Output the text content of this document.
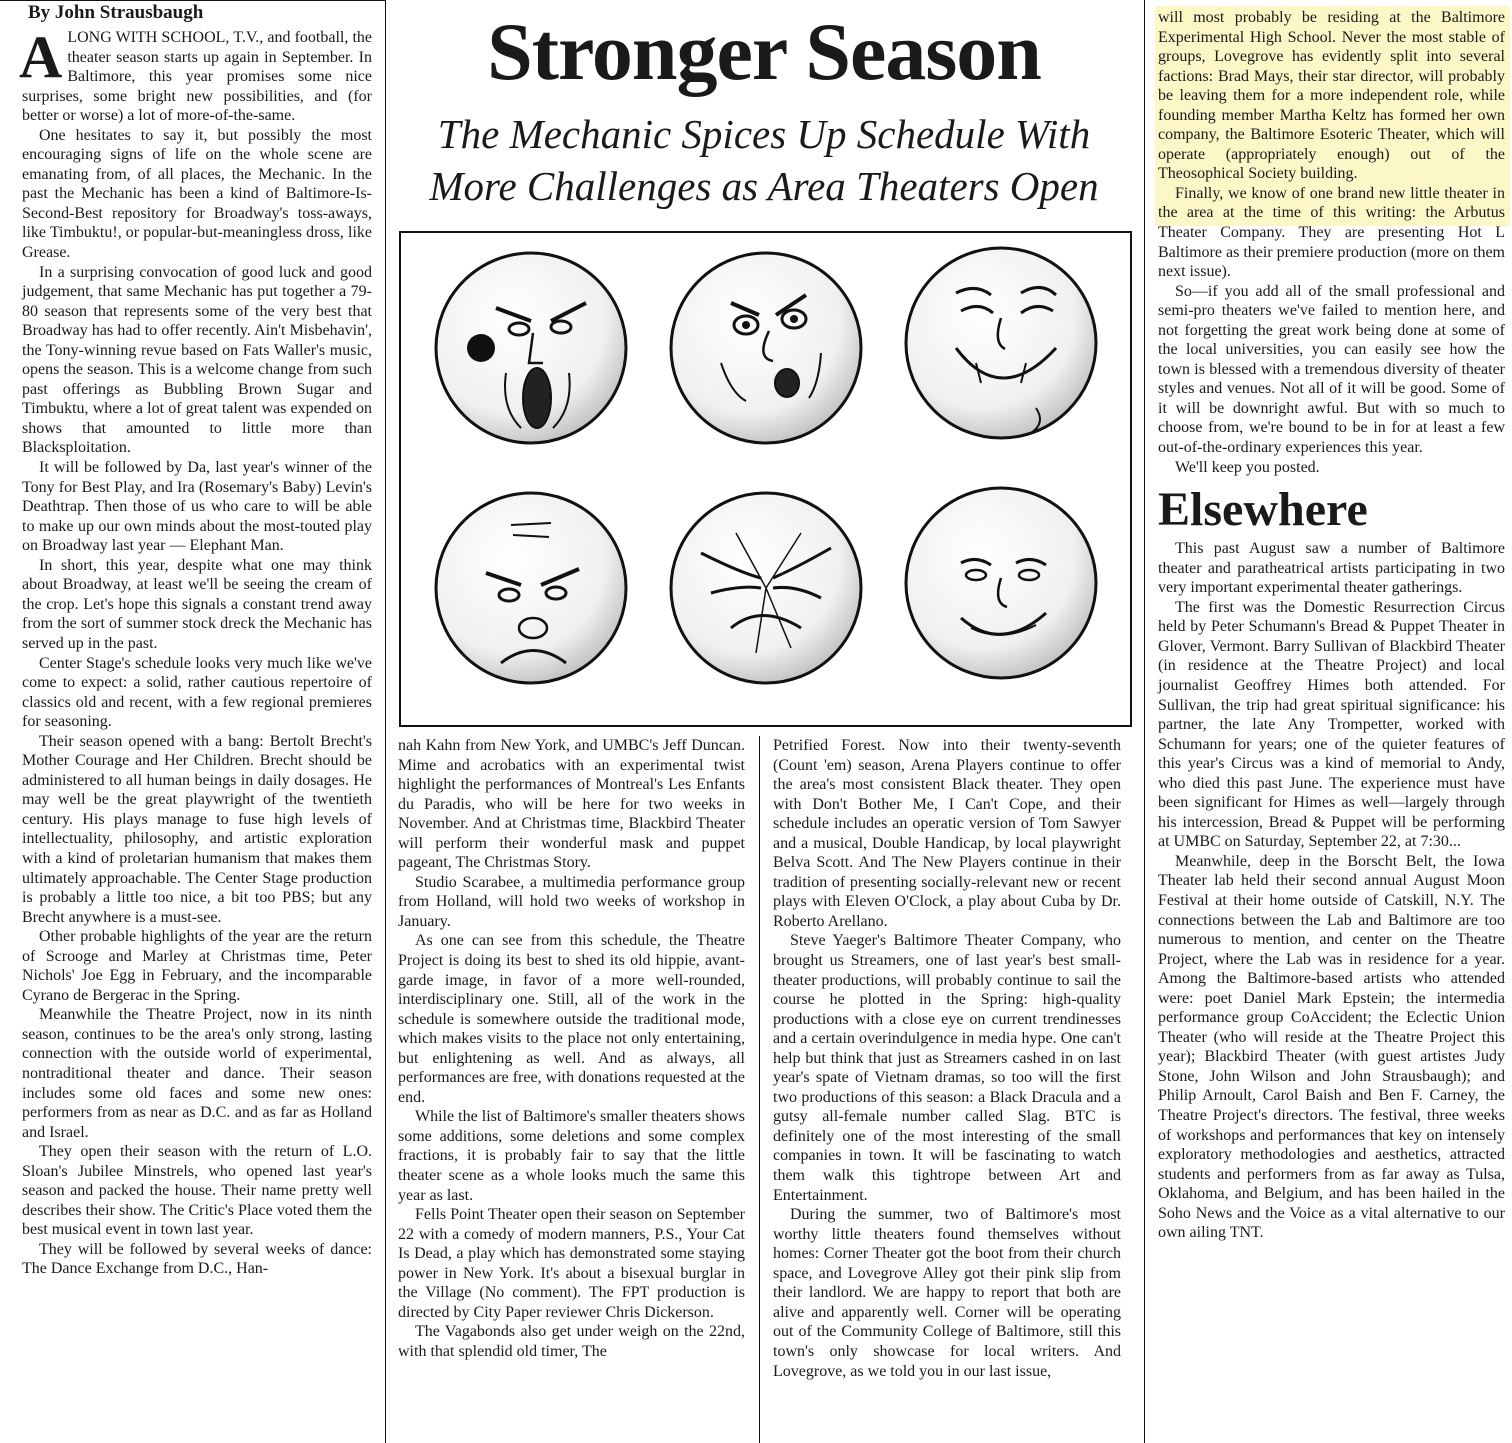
By John Strausbaugh

ALONG WITH SCHOOL, T.V., and football, the theater season starts up again in September. In Baltimore, this year promises some nice surprises, some bright new possibilities, and (for better or worse) a lot of more-of-the-same.

One hesitates to say it, but possibly the most encouraging signs of life on the whole scene are emanating from, of all places, the Mechanic. In the past the Mechanic has been a kind of Baltimore-Is-Second-Best repository for Broadway's toss-aways, like Timbuktu!, or popular-but-meaningless dross, like Grease.

In a surprising convocation of good luck and good judgement, that same Mechanic has put together a 79-80 season that represents some of the very best that Broadway has had to offer recently. Ain't Misbehavin', the Tony-winning revue based on Fats Waller's music, opens the season. This is a welcome change from such past offerings as Bubbling Brown Sugar and Timbuktu, where a lot of great talent was expended on shows that amounted to little more than Blacksploitation.

It will be followed by Da, last year's winner of the Tony for Best Play, and Ira (Rosemary's Baby) Levin's Deathtrap. Then those of us who care to will be able to make up our own minds about the most-touted play on Broadway last year — Elephant Man.

In short, this year, despite what one may think about Broadway, at least we'll be seeing the cream of the crop. Let's hope this signals a constant trend away from the sort of summer stock dreck the Mechanic has served up in the past.

Center Stage's schedule looks very much like we've come to expect: a solid, rather cautious repertoire of classics old and recent, with a few regional premieres for seasoning.

Their season opened with a bang: Bertolt Brecht's Mother Courage and Her Children. Brecht should be administered to all human beings in daily dosages. He may well be the great playwright of the twentieth century. His plays manage to fuse high levels of intellectuality, philosophy, and artistic exploration with a kind of proletarian humanism that makes them ultimately approachable. The Center Stage production is probably a little too nice, a bit too PBS; but any Brecht anywhere is a must-see.

Other probable highlights of the year are the return of Scrooge and Marley at Christmas time, Peter Nichols' Joe Egg in February, and the incomparable Cyrano de Bergerac in the Spring.

Meanwhile the Theatre Project, now in its ninth season, continues to be the area's only strong, lasting connection with the outside world of experimental, nontraditional theater and dance. Their season includes some old faces and some new ones: performers from as near as D.C. and as far as Holland and Israel.

They open their season with the return of L.O. Sloan's Jubilee Minstrels, who opened last year's season and packed the house. Their name pretty well describes their show. The Critic's Place voted them the best musical event in town last year.

They will be followed by several weeks of dance: The Dance Exchange from D.C., Han-

Stronger Season
The Mechanic Spices Up Schedule With
More Challenges as Area Theaters Open

nah Kahn from New York, and UMBC's Jeff Duncan. Mime and acrobatics with an experimental twist highlight the performances of Montreal's Les Enfants du Paradis, who will be here for two weeks in November. And at Christmas time, Blackbird Theater will perform their wonderful mask and puppet pageant, The Christmas Story.

Studio Scarabee, a multimedia performance group from Holland, will hold two weeks of workshop in January.

As one can see from this schedule, the Theatre Project is doing its best to shed its old hippie, avant-garde image, in favor of a more well-rounded, interdisciplinary one. Still, all of the work in the schedule is somewhere outside the traditional mode, which makes visits to the place not only entertaining, but enlightening as well. And as always, all performances are free, with donations requested at the end.

While the list of Baltimore's smaller theaters shows some additions, some deletions and some complex fractions, it is probably fair to say that the little theater scene as a whole looks much the same this year as last.

Fells Point Theater open their season on September 22 with a comedy of modern manners, P.S., Your Cat Is Dead, a play which has demonstrated some staying power in New York. It's about a bisexual burglar in the Village (No comment). The FPT production is directed by City Paper reviewer Chris Dickerson.

The Vagabonds also get under weigh on the 22nd, with that splendid old timer, The

Petrified Forest. Now into their twenty-seventh (Count 'em) season, Arena Players continue to offer the area's most consistent Black theater. They open with Don't Bother Me, I Can't Cope, and their schedule includes an operatic version of Tom Sawyer and a musical, Double Handicap, by local playwright Belva Scott. And The New Players continue in their tradition of presenting socially-relevant new or recent plays with Eleven O'Clock, a play about Cuba by Dr. Roberto Arellano.

Steve Yaeger's Baltimore Theater Company, who brought us Streamers, one of last year's best small-theater productions, will probably continue to sail the course he plotted in the Spring: high-quality productions with a close eye on current trendinesses and a certain overindulgence in media hype. One can't help but think that just as Streamers cashed in on last year's spate of Vietnam dramas, so too will the first two productions of this season: a Black Dracula and a gutsy all-female number called Slag. BTC is definitely one of the most interesting of the small companies in town. It will be fascinating to watch them walk this tightrope between Art and Entertainment.

During the summer, two of Baltimore's most worthy little theaters found themselves without homes: Corner Theater got the boot from their church space, and Lovegrove Alley got their pink slip from their landlord. We are happy to report that both are alive and apparently well. Corner will be operating out of the Community College of Baltimore, still this town's only showcase for local writers. And Lovegrove, as we told you in our last issue,

will most probably be residing at the Baltimore Experimental High School. Never the most stable of groups, Lovegrove has evidently split into several factions: Brad Mays, their star director, will probably be leaving them for a more independent role, while founding member Martha Keltz has formed her own company, the Baltimore Esoteric Theater, which will operate (appropriately enough) out of the Theosophical Society building.

Finally, we know of one brand new little theater in the area at the time of this writing: the Arbutus Theater Company. They are presenting Hot L Baltimore as their premiere production (more on them next issue).

So—if you add all of the small professional and semi-pro theaters we've failed to mention here, and not forgetting the great work being done at some of the local universities, you can easily see how the town is blessed with a tremendous diversity of theater styles and venues. Not all of it will be good. Some of it will be downright awful. But with so much to choose from, we're bound to be in for at least a few out-of-the-ordinary experiences this year.

We'll keep you posted.

Elsewhere

This past August saw a number of Baltimore theater and paratheatrical artists participating in two very important experimental theater gatherings.

The first was the Domestic Resurrection Circus held by Peter Schumann's Bread & Puppet Theater in Glover, Vermont. Barry Sullivan of Blackbird Theater (in residence at the Theatre Project) and local journalist Geoffrey Himes both attended. For Sullivan, the trip had great spiritual significance: his partner, the late Any Trompetter, worked with Schumann for years; one of the quieter features of this year's Circus was a kind of memorial to Andy, who died this past June. The experience must have been significant for Himes as well—largely through his intercession, Bread & Puppet will be performing at UMBC on Saturday, September 22, at 7:30...

Meanwhile, deep in the Borscht Belt, the Iowa Theater lab held their second annual August Moon Festival at their home outside of Catskill, N.Y. The connections between the Lab and Baltimore are too numerous to mention, and center on the Theatre Project, where the Lab was in residence for a year. Among the Baltimore-based artists who attended were: poet Daniel Mark Epstein; the intermedia performance group CoAccident; the Eclectic Union Theater (who will reside at the Theatre Project this year); Blackbird Theater (with guest artistes Judy Stone, John Wilson and John Strausbaugh); and Philip Arnoult, Carol Baish and Ben F. Carney, the Theatre Project's directors. The festival, three weeks of workshops and performances that key on intensely exploratory methodologies and aesthetics, attracted students and performers from as far away as Tulsa, Oklahoma, and Belgium, and has been hailed in the Soho News and the Voice as a vital alternative to our own ailing TNT.
